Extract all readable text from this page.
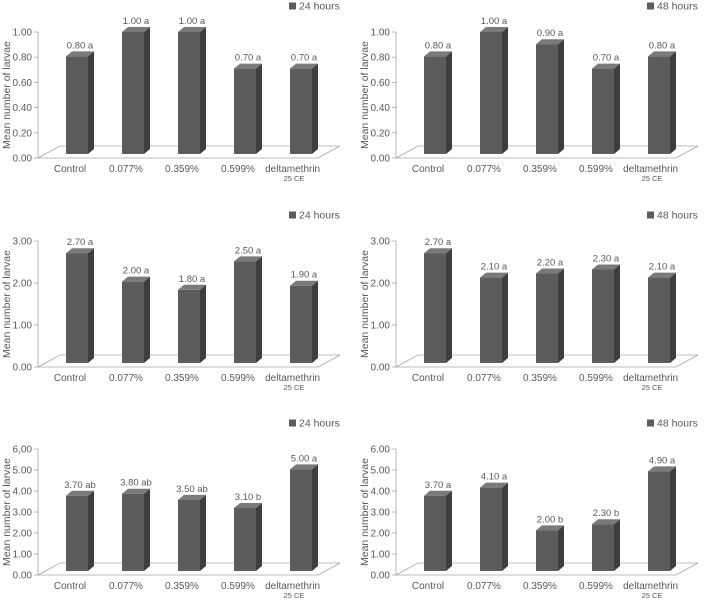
0.00
0.20
0.40
0.60
0.80
1.00
Mean number of larvae	0.80 a
1.00 a	1.00 a
0.70 a	0.70 a
24 hours
Control 0.077% 0.359% 0.599% deltamethrin 25 CE
0.00
0.20
0.40
0.60
0.80
1.00
Mean number of larvae	0.80 a
1.00 a
0.90 a
0.70 a
0.80 a
48 hours
Control 0.077% 0.359% 0.599% deltamethrin 25 CE
0.00
1.00
2.00
3.00
Mean number of larvae
2.70 a
2.00 a
1.80 a
2.50 a
1.90 a
24 hours
Control 0.077% 0.359% 0.599% deltamethrin 25 CE
0.00
1.00
2.00
3.00
Mean number of larvae
2.70 a
2.10 a	2.20 a	2.30 a
2.10 a
48 hours
Control 0.077% 0.359% 0.599% deltamethrin 25 CE
0.00
1.00
2.00
3.00
4.00
5.00
6,00
Mean number of larvae	3.70 ab	3.80 ab
3.50 ab
3.10 b
5.00 a
24 hours
Control 0.077% 0.359% 0.599% deltamethrin 25 CE
0.00
1.00
2.00
3.00
4.00
5.00
6.00
Mean number of larvae	3.70 a
4.10 a
2.00 b
2.30 b
4.90 a
48 hours
Control 0.077% 0.359% 0.599% deltamethrin 25 CE
